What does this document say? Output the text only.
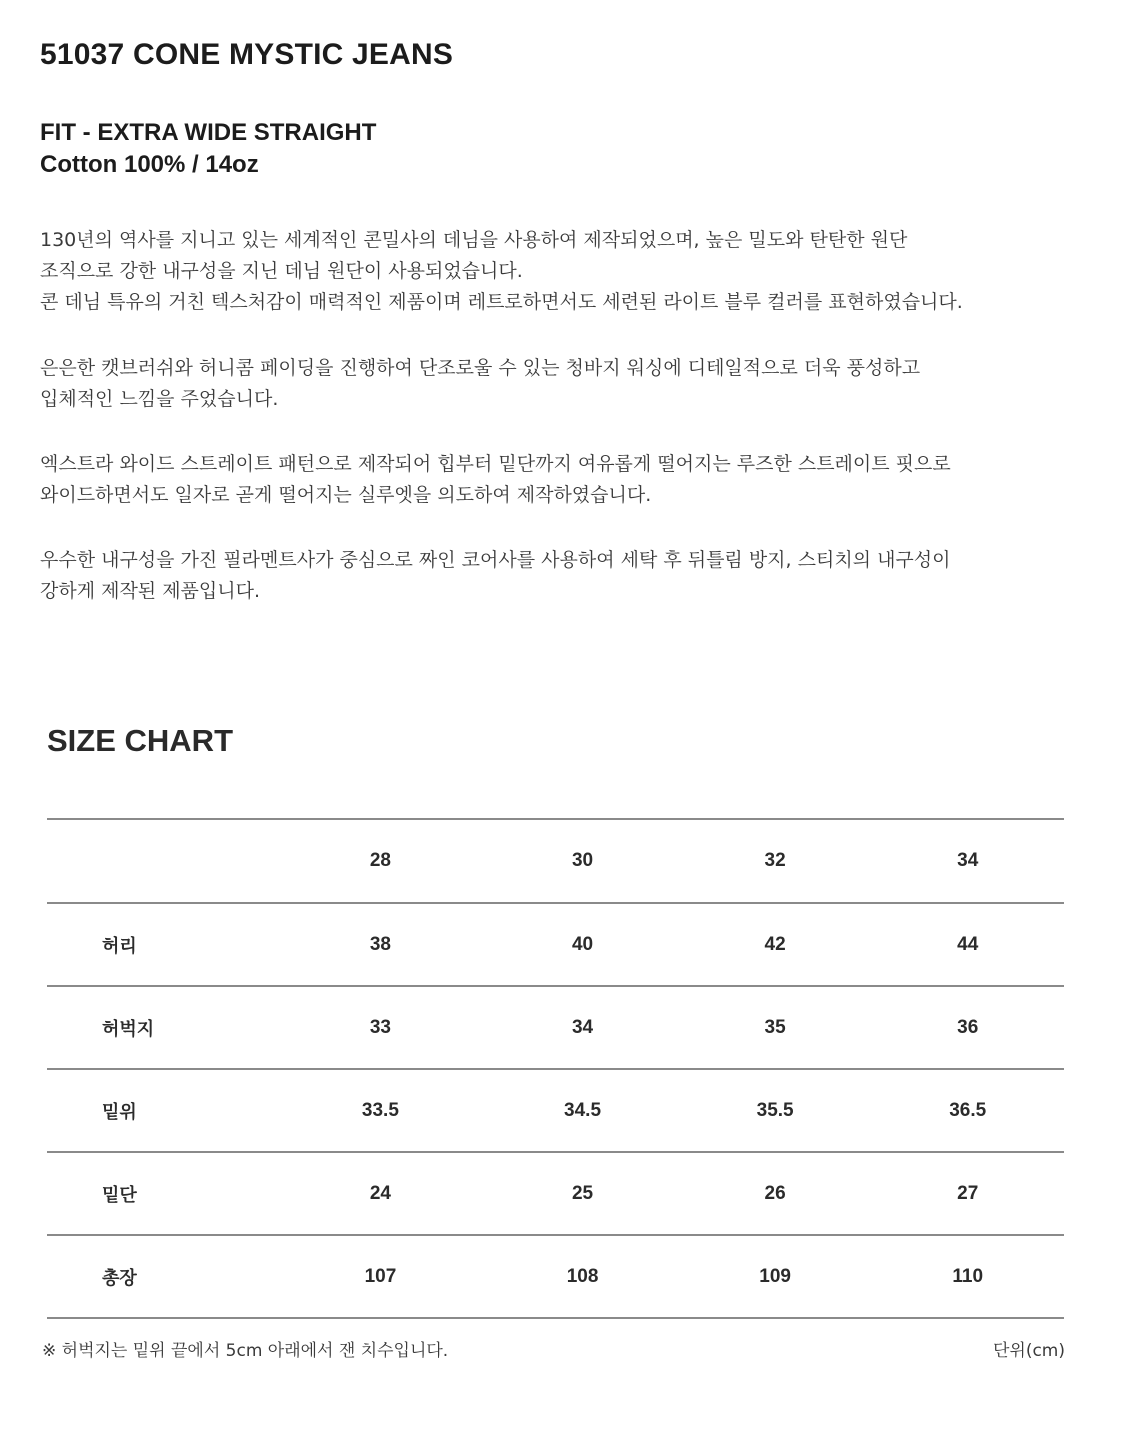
51037 CONE MYSTIC JEANS
FIT - EXTRA WIDE STRAIGHT
Cotton 100% / 14oz
130년의 역사를 지니고 있는 세계적인 콘밀사의 데님을 사용하여 제작되었으며, 높은 밀도와 탄탄한 원단
조직으로 강한 내구성을 지닌 데님 원단이 사용되었습니다.
콘 데님 특유의 거친 텍스처감이 매력적인 제품이며 레트로하면서도 세련된 라이트 블루 컬러를 표현하였습니다.
은은한 캣브러쉬와 허니콤 페이딩을 진행하여 단조로울 수 있는 청바지 워싱에 디테일적으로 더욱 풍성하고
입체적인 느낌을 주었습니다.
엑스트라 와이드 스트레이트 패턴으로 제작되어 힙부터 밑단까지 여유롭게 떨어지는 루즈한 스트레이트 핏으로
와이드하면서도 일자로 곧게 떨어지는 실루엣을 의도하여 제작하였습니다.
우수한 내구성을 가진 필라멘트사가 중심으로 짜인 코어사를 사용하여 세탁 후 뒤틀림 방지, 스티치의 내구성이
강하게 제작된 제품입니다.
SIZE CHART
	28	30	32	34
허리	38	40	42	44
허벅지	33	34	35	36
밑위	33.5	34.5	35.5	36.5
밑단	24	25	26	27
총장	107	108	109	110
※ 허벅지는 밑위 끝에서 5cm 아래에서 잰 치수입니다.	단위(cm)
